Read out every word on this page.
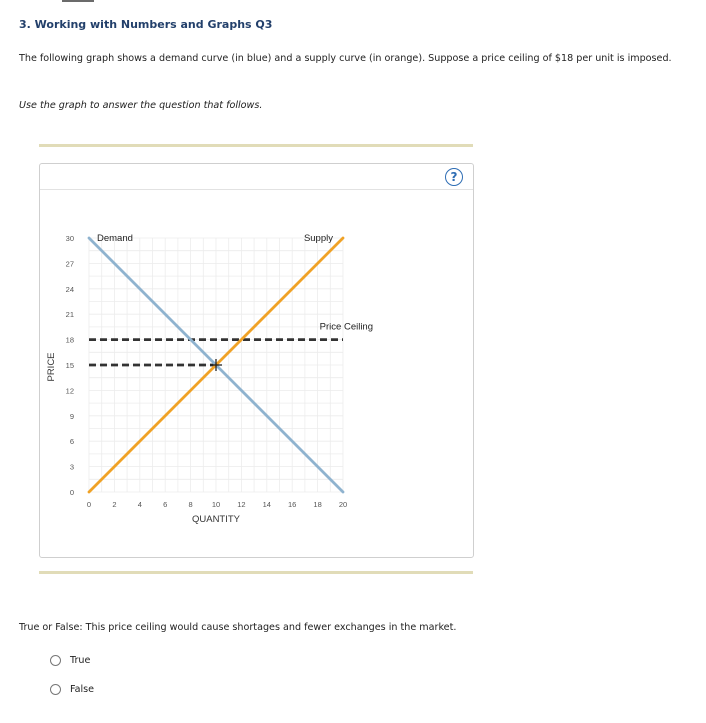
3. Working with Numbers and Graphs Q3
The following graph shows a demand curve (in blue) and a supply curve (in orange). Suppose a price ceiling of $18 per unit is imposed.
Use the graph to answer the question that follows.
?
0	2	4	6	8	10 12 14 16 18 20
0
3
6
9
12
15
18
21
24
27
30
QUANTITY
PRICE
Demand	Supply
Price Ceiling
True or False: This price ceiling would cause shortages and fewer exchanges in the market.
True
False
